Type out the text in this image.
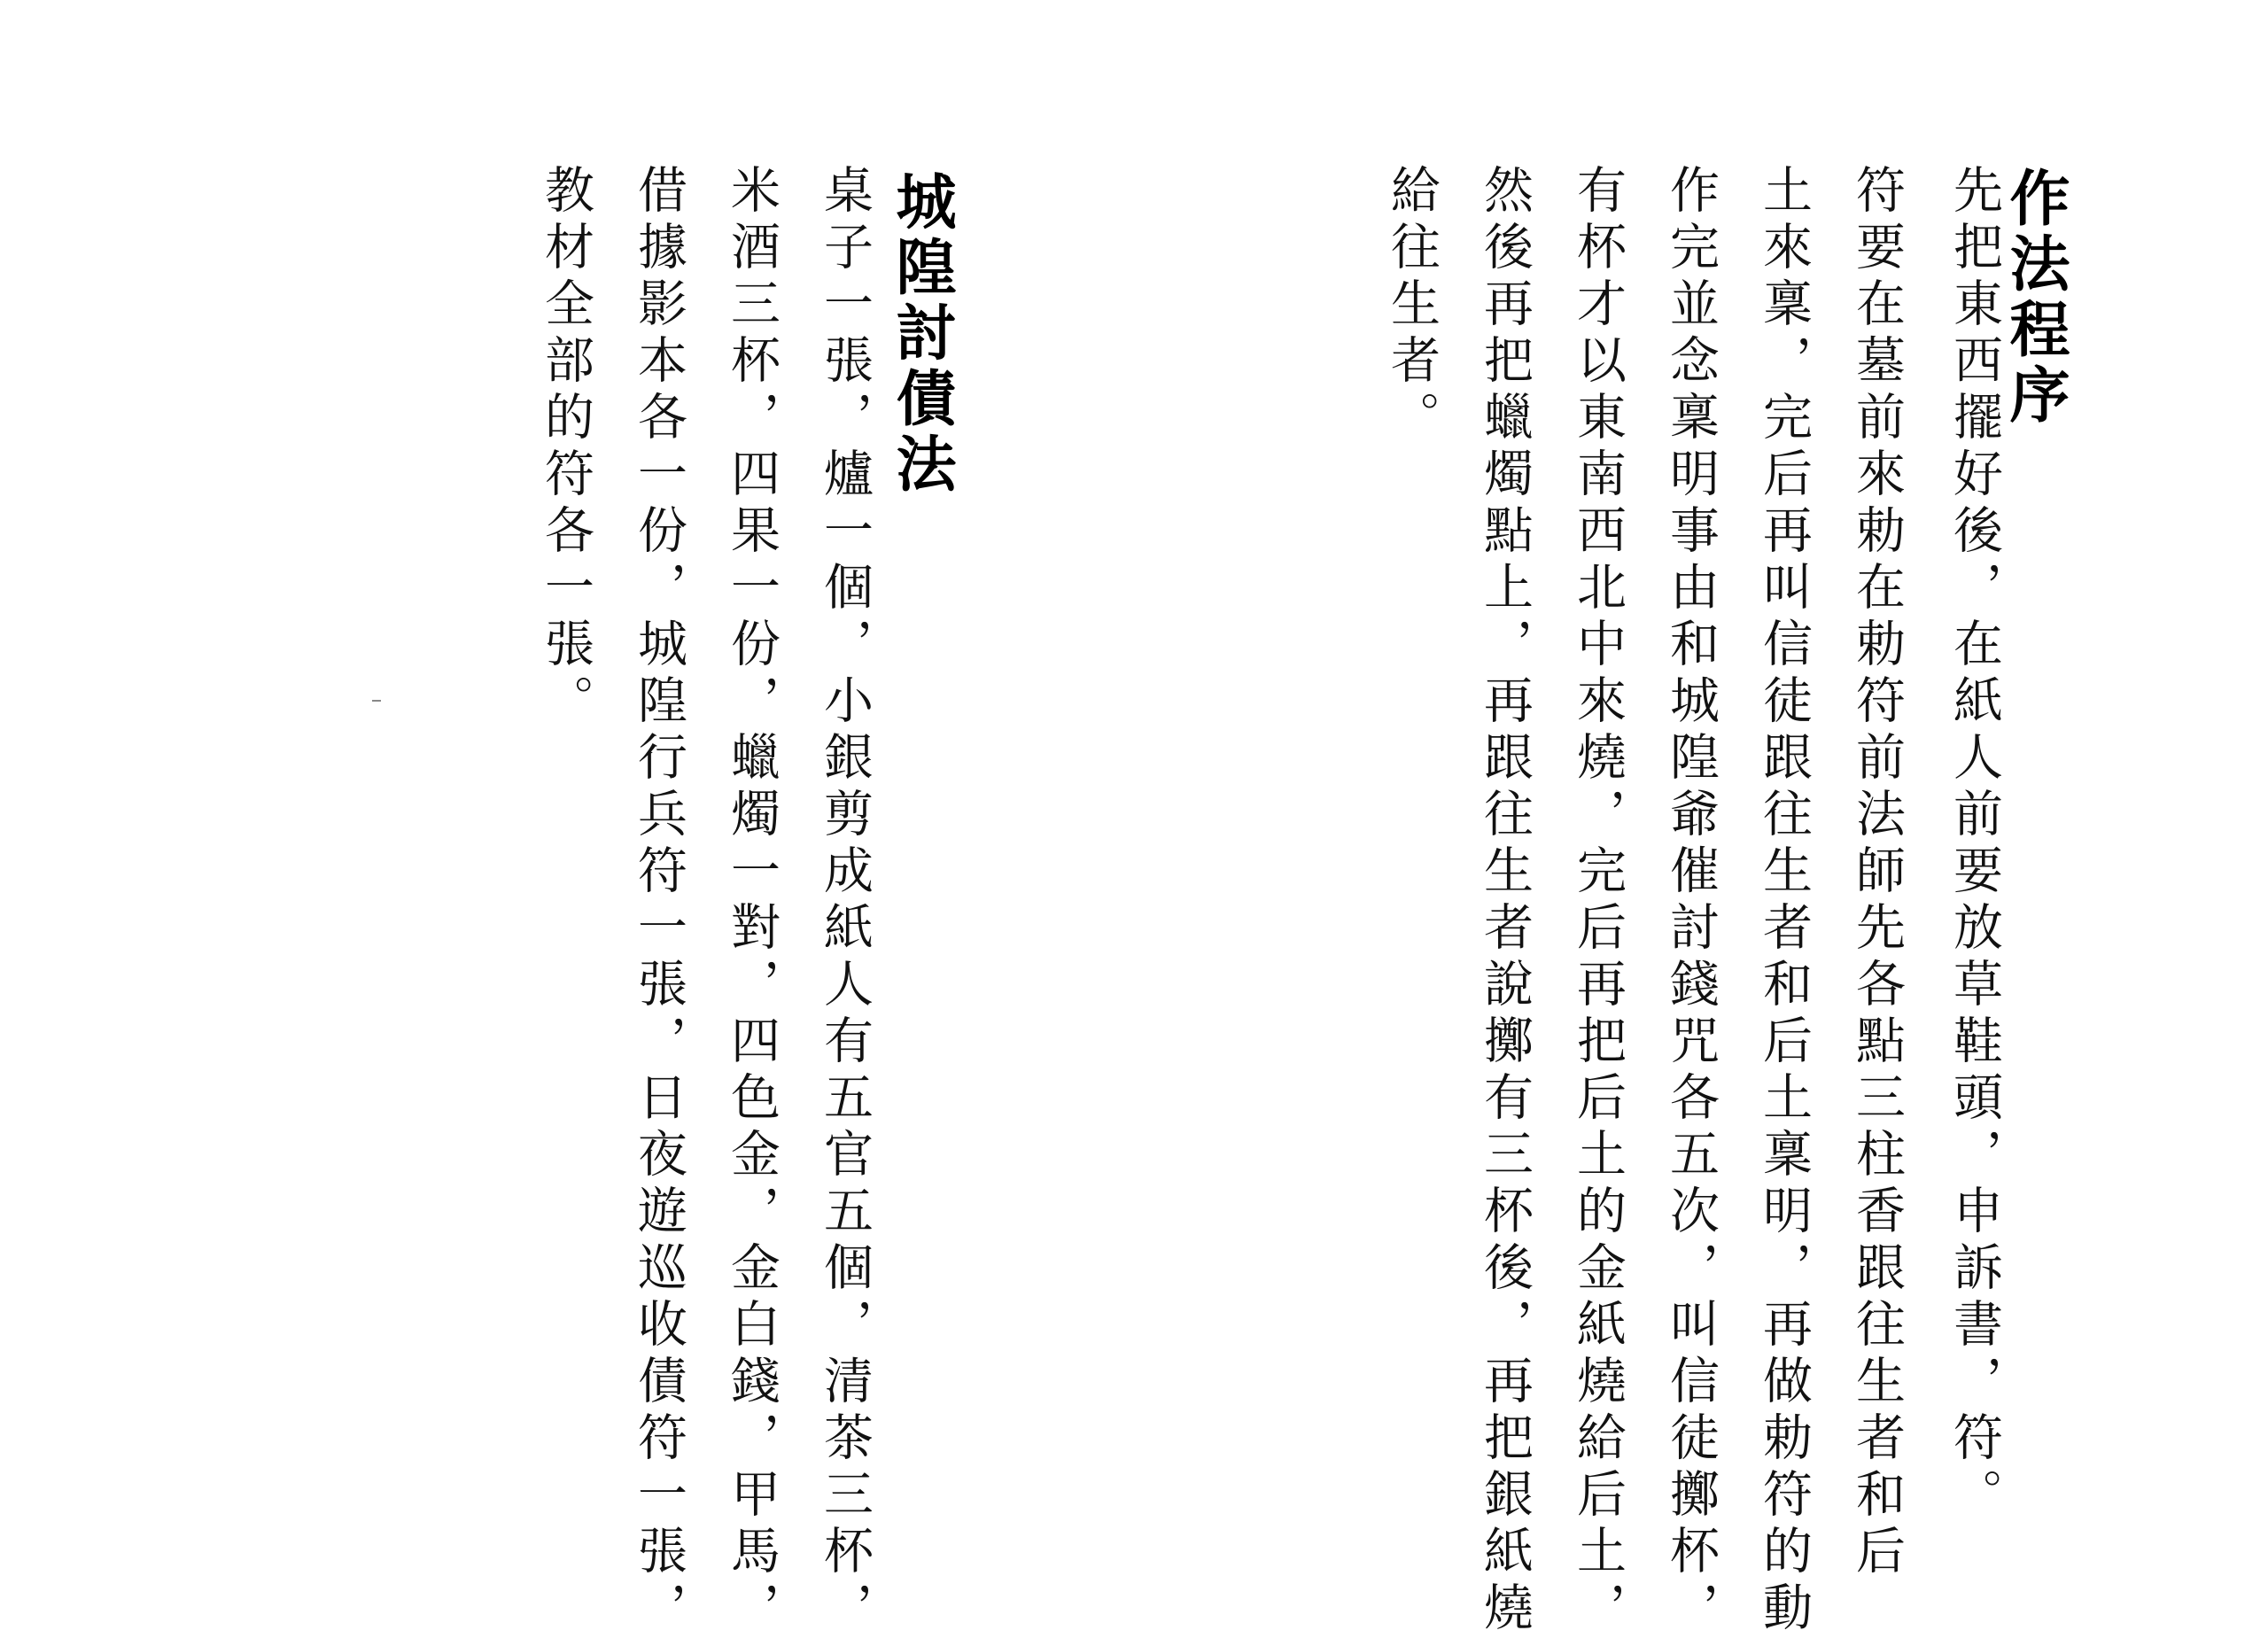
作法程序
先把東西擺好後，在紙人前要放草鞋頭，申訴書，符。
符要在墓前來勅在勅符前法師先各點三柱香跟往生者和后
土來稟，完后再叫信徒跟往生者和后土稟明，再做勅符的動
作完並念稟明事由和城隍爺催討錢咒各五次，叫信徒擲杯，
有杯才以東南西北中來燒，完后再把后土的金紙燒給后土，
然後再把蠟燭點上，再跟往生者說擲有三杯後，再把銀紙燒
給往生者。
城隍討債法
桌子一張，爐一個，小銀剪成紙人有五官五個，清茶三杯，
米酒三杯，四果一份，蠟燭一對，四色金，金白錢，甲馬，
借據影本各一份，城隍行兵符一張，日夜遊巡收債符一張，
教材全部的符各一張。
